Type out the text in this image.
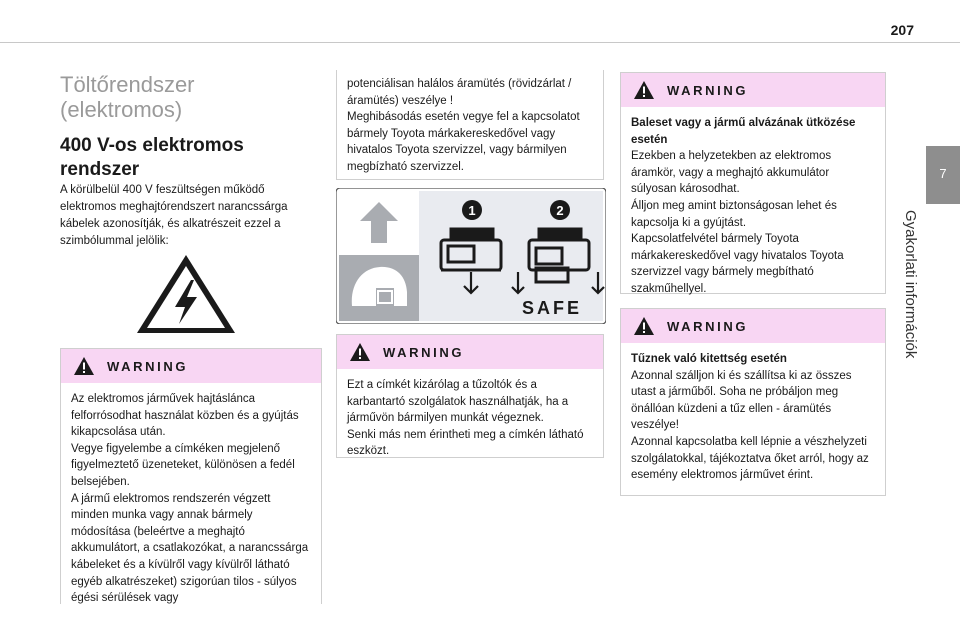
207
7
Gyakorlati információk
Töltőrendszer (elektromos)
400 V-os elektromos rendszer

A körülbelül 400 V feszültségen működő elektromos meghajtórendszert narancssárga kábelek azonosítják, és alkatrészeit ezzel a szimbólummal jelölik:

WARNING
Az elektromos járművek hajtáslánca felforrósodhat használat közben és a gyújtás kikapcsolása után.
Vegye figyelembe a címkéken megjelenő figyelmeztető üzeneteket, különösen a fedél belsejében.
A jármű elektromos rendszerén végzett minden munka vagy annak bármely módosítása (beleértve a meghajtó akkumulátort, a csatlakozókat, a narancssárga kábeleket és a kívülről vagy kívülről látható egyéb alkatrészeket) szigorúan tilos - súlyos égési sérülések vagy
potenciálisan halálos áramütés (rövidzárlat / áramütés) veszélye !
Meghibásodás esetén vegye fel a kapcsolatot bármely Toyota márkakereskedővel vagy hivatalos Toyota szervizzel, vagy bármilyen megbízható szervizzel.
1	2
SAFE
WARNING
Ezt a címkét kizárólag a tűzoltók és a karbantartó szolgálatok használhatják, ha a járművön bármilyen munkát végeznek.
Senki más nem érintheti meg a címkén látható eszközt.
WARNING
Baleset vagy a jármű alvázának ütközése esetén
Ezekben a helyzetekben az elektromos áramkör, vagy a meghajtó akkumulátor súlyosan károsodhat.
Álljon meg amint biztonságosan lehet és kapcsolja ki a gyújtást.
Kapcsolatfelvétel bármely Toyota márkakereskedővel vagy hivatalos Toyota szervizzel vagy bármely megbítható szakműhellyel.
WARNING
Tűznek való kitettség esetén
Azonnal szálljon ki és szállítsa ki az összes utast a járműből. Soha ne próbáljon meg önállóan küzdeni a tűz ellen - áramütés veszélye!
Azonnal kapcsolatba kell lépnie a vészhelyzeti szolgálatokkal, tájékoztatva őket arról, hogy az esemény elektromos járművet érint.
